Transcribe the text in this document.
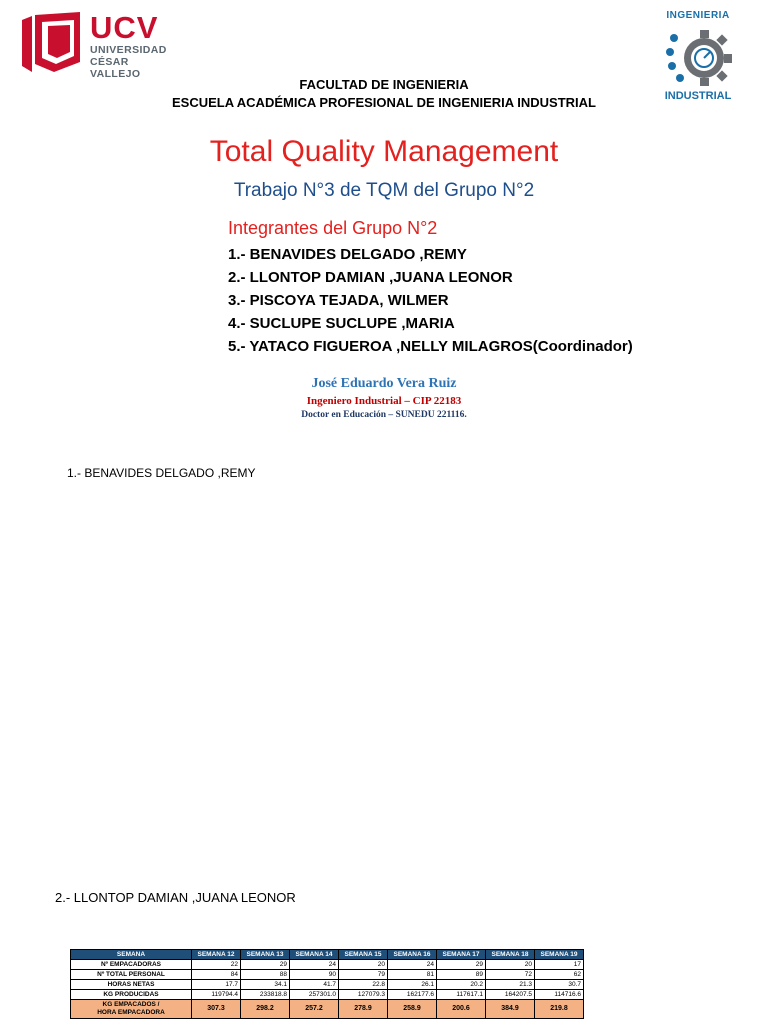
UCV
UNIVERSIDAD
CÉSAR VALLEJO
INGENIERIA
INDUSTRIAL
FACULTAD DE INGENIERIA
ESCUELA ACADÉMICA PROFESIONAL DE INGENIERIA INDUSTRIAL
Total Quality Management
Trabajo N°3 de TQM del Grupo N°2
Integrantes del Grupo N°2
1.- BENAVIDES DELGADO ,REMY
2.- LLONTOP DAMIAN ,JUANA LEONOR
3.- PISCOYA TEJADA, WILMER
4.- SUCLUPE SUCLUPE ,MARIA
5.- YATACO FIGUEROA ,NELLY MILAGROS(Coordinador)
José Eduardo Vera Ruiz
Ingeniero Industrial – CIP 22183
Doctor en Educación – SUNEDU 221116.
1.- BENAVIDES DELGADO ,REMY
2.- LLONTOP DAMIAN ,JUANA LEONOR
SEMANA	SEMANA 12	SEMANA 13	SEMANA 14	SEMANA 15	SEMANA 16	SEMANA 17	SEMANA 18	SEMANA 19
Nº EMPACADORAS	22	29	24	20	24	29	20	17
Nº TOTAL PERSONAL	84	88	90	79	81	89	72	62
HORAS NETAS	17.7	34.1	41.7	22.8	26.1	20.2	21.3	30.7
KG PRODUCIDAS	119794.4	233818.8	257301.0	127079.3	162177.6	117617.1	164207.5	114716.6
KG EMPACADOS /
HORA EMPACADORA	307.3	298.2	257.2	278.9	258.9	200.6	384.9	219.8
